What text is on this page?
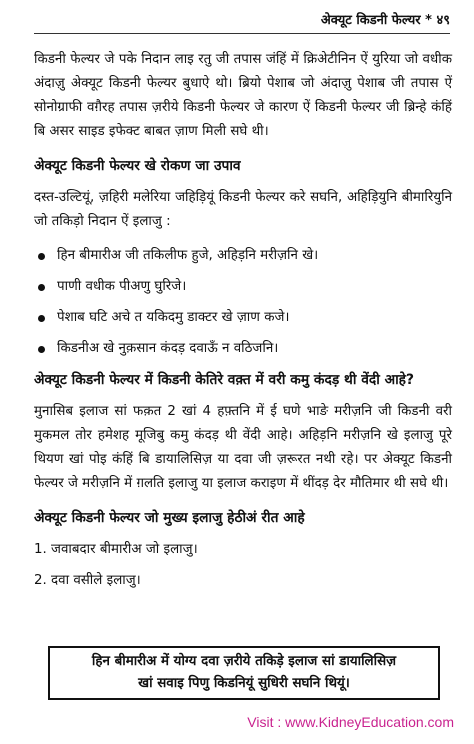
अेक्यूट किडनी फेल्यर * ४९

किडनी फेल्यर जे पके निदान लाइ रतु जी तपास जंहिं में क्रिअेटीनिन ऐं युरिया जो वधीक अंदाज़ु अेक्यूट किडनी फेल्यर बुधाऐ थो। ब्रियो पेशाब जो अंदाज़ु पेशाब जी तपास ऐं सोनोग्राफी वग़ैरह तपास ज़रीये किडनी फेल्यर जे कारण ऐं किडनी फेल्यर जी ब्रिन्हे कंहिं बि असर साइड इफेक्ट बाबत ज़ाण मिली सघे थी।

अेक्यूट किडनी फेल्यर खे रोकण जा उपाव

दस्त-उल्टियूं, ज़हिरी मलेरिया जहिड़ियूं किडनी फेल्यर करे सघनि, अहिड़ियुनि बीमारियुनि जो तकिड़ो निदान ऐं इलाजु :

हिन बीमारीअ जी तकिलीफ हुजे, अहिड़नि मरीज़नि खे।
पाणी वधीक पीअणु घुरिजे।
पेशाब घटि अचे त यकिदमु डाक्टर खे ज़ाण कजे।
किडनीअ खे नुक़सान कंदड़ दवाऊँ न वठिजनि।
अेक्यूट किडनी फेल्यर में किडनी केतिरे वक़्त में वरी कमु कंदड़ थी वेंदी आहे?

मुनासिब इलाज सां फक़त 2 खां 4 हफ़्तनि में ई घणे भाङे मरीज़नि जी किडनी वरी मुकमल तोर हमेशह मूजिबु कमु कंदड़ थी वेंदी आहे। अहिड़नि मरीज़नि खे इलाजु पूरे थियण खां पोइ कंहिं बि डायालिसिज़ या दवा जी ज़रूरत नथी रहे। पर अेक्यूट किडनी फेल्यर जे मरीज़नि में ग़लति इलाजु या इलाज कराइण में थींदड़ देर मौतिमार थी सघे थी।

अेक्यूट किडनी फेल्यर जो मुख्य इलाजु हेठीअं रीत आहे
1. जवाबदार बीमारीअ जो इलाजु।
2. दवा वसीले इलाजु।
हिन बीमारीअ में योग्य दवा ज़रीये तकिड़े इलाज सां डायालिसिज़
खां सवाइ पिणु किडनियूं सुधिरी सघनि थियूं।
Visit : www.KidneyEducation.com
